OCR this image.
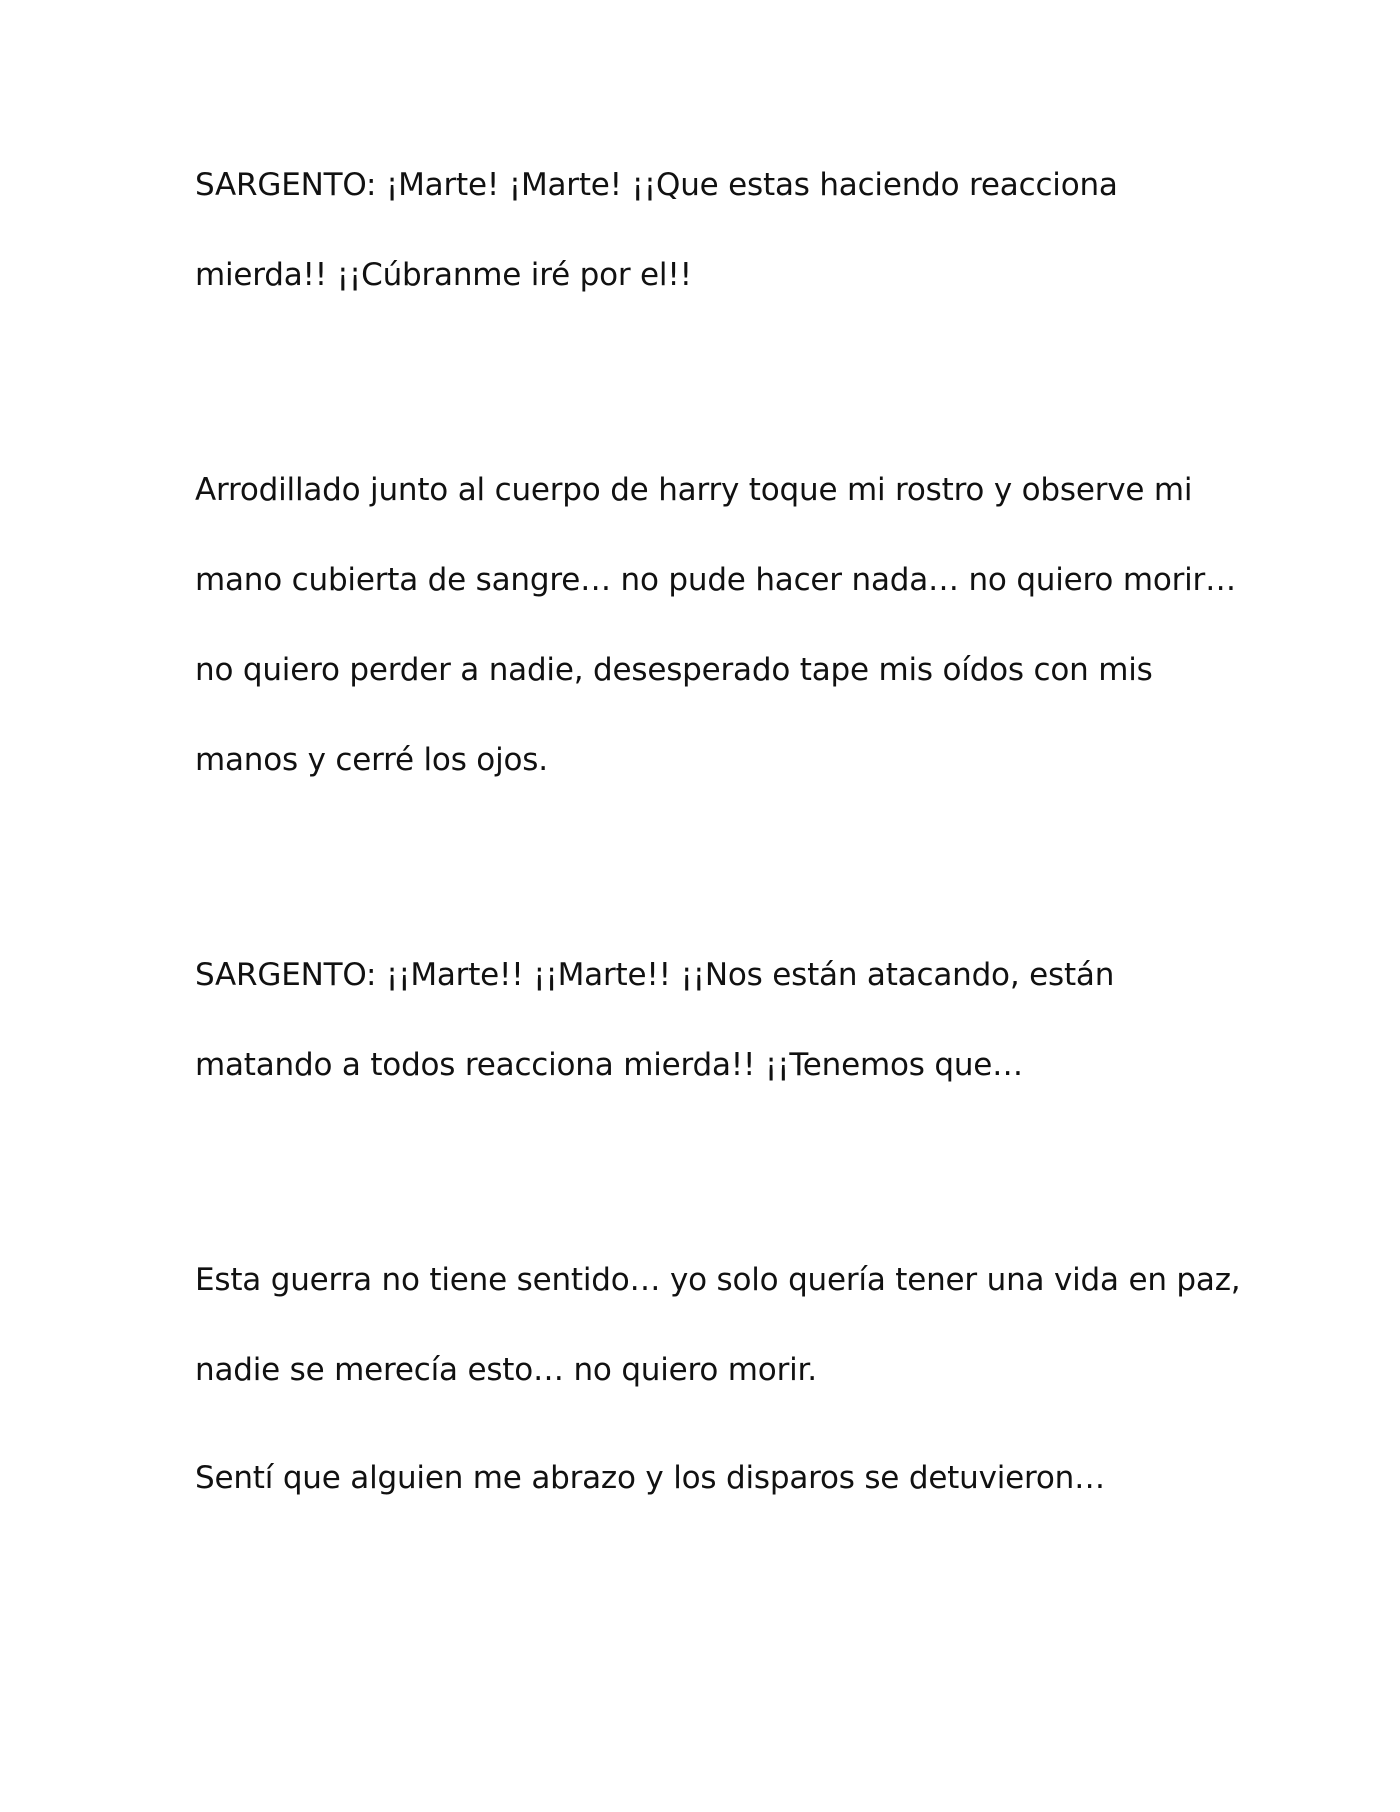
SARGENTO: ¡Marte! ¡Marte! ¡¡Que estas haciendo reacciona
mierda!! ¡¡Cúbranme iré por el!!
Arrodillado junto al cuerpo de harry toque mi rostro y observe mi
mano cubierta de sangre… no pude hacer nada… no quiero morir…
no quiero perder a nadie, desesperado tape mis oídos con mis
manos y cerré los ojos.
SARGENTO: ¡¡Marte!! ¡¡Marte!! ¡¡Nos están atacando, están
matando a todos reacciona mierda!! ¡¡Tenemos que…
Esta guerra no tiene sentido… yo solo quería tener una vida en paz,
nadie se merecía esto… no quiero morir.
Sentí que alguien me abrazo y los disparos se detuvieron…
